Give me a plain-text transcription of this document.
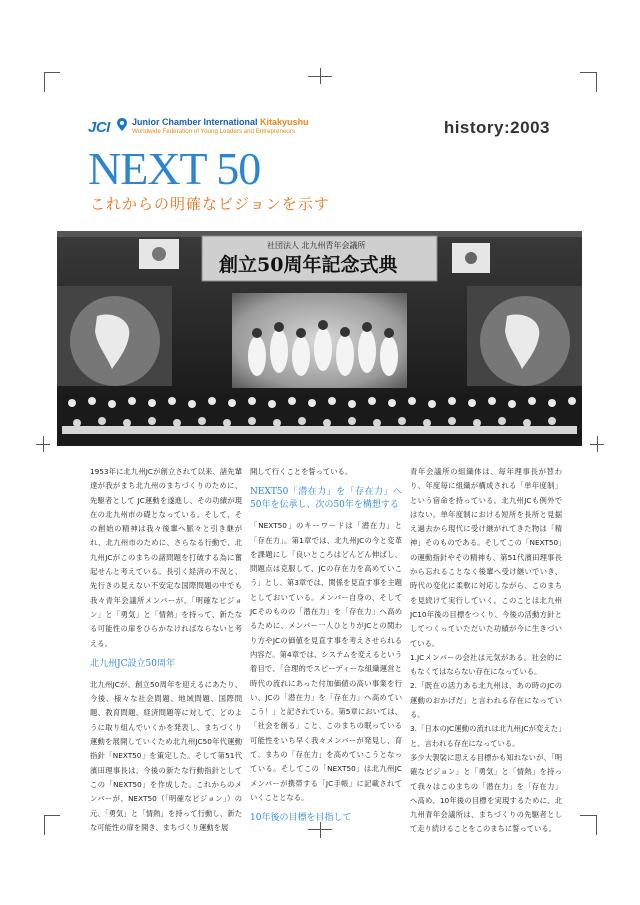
JCI Junior Chamber International Kitakyushu
Worldwide Federation of Young Leaders and Entrepreneurs	history:2003
NEXT 50
これからの明確なビジョンを示す
社団法人 北九州青年会議所
創立50周年記念式典

1953年に北九州JCが創立されて以来、諸先輩達が我がまち北九州のまちづくりのために、先駆者として JC運動を遂進し、その功績が現在の北九州市の礎となっている。そして、その創始の精神は我々後輩へ脈々と引き継がれ、北九州市のために、さらなる行動で、北九州JCがこのまちの諸問題を打破する為に奮起せんと考えている。長引く経済の不況と、先行きの見えない不安定な国際問題の中でも我々青年会議所メンバーが、「明確なビジョン」と「勇気」と「情熱」を持って、新たなる可能性の扉をひらかなければならないと考える。

北九州JC設立50周年

北九州JCが、創立50周年を迎えるにあたり、今後、様々な社会問題、地域問題、国際問題、教育問題、経済問題等に対して、どのように取り組んでいくかを発表し、まちづくり運動を展開していくため北九州JC50年代運動指針「NEXT50」を策定した。そして第51代濱田理事長は、今後の新たな行動指針としてこの「NEXT50」を作成した。これからのメンバーが、NEXT50（「明確なビジョン」）の元、「勇気」と「情熱」を持って行動し、新たな可能性の扉を開き、まちづくり運動を展

開して行くことを誓っている。

NEXT50「潜在力」を「存在力」へ 50年を伝承し、次の50年を構想する

「NEXT50」のキーワードは「潜在力」と「存在力」。第1章では、北九州JCの今と変革を課題にし「良いところはどんどん伸ばし、問題点は克服して、JCの存在力を高めていこう」とし、第3章では、関係を見直す事を主題としておいている。メンバー自身の、そしてJCそのものの「潜在力」を「存在力」へ高めるために、メンバー一人ひとりがJCとの関わり方やJCの価値を見直す事を考えさせられる内容だ。第4章では、システムを変えるという着目で、「合理的でスピーディーな組織運営と時代の流れにあった付加価値の高い事業を行い、JCの「潜在力」を「存在力」へ高めていこう！」と記されている。第5章においては、「社会を創る」こと、このまちの眠っている可能性をいち早く我々メンバーが発見し、育て、まちの「存在力」を高めていこうとなっている。そしてこの「NEXT50」は北九州JCメンバーが携帯する「JC手帳」に記載されていくこととなる。

10年後の目標を目指して

青年会議所の組織体は、毎年理事長が替わり、年度毎に組織が構成される「単年度制」という宿命を持っている。北九州JCも例外ではない。単年度制における短所を長所と見据え過去から現代に受け継がれてきた物は「精神」そのものである。そしてこの「NEXT50」の運動指針やその精神も、第51代濱田理事長から忘れることなく後輩へ受け継いでいき、時代の変化に柔軟に対応しながら、このまちを見続けて実行していく。このことは北九州JC10年後の目標をつくり、今後の活動方針としてつくっていただいた功績が今に生きづいている。

1.JCメンバーの会社は元気がある。社会的にもなくてはならない存在になっている。

2.「既在の活力ある北九州は、あの時のJCの運動のおかげだ」と言われる存在になっている。

3.「日本のJC運動の流れは北九州JCが変えた」と、言われる存在になっている。

多少大袈裟に思える目標かも知れないが、「明確なビジョン」と「勇気」と「情熱」を持って我々はこのまちの「潜在力」を「存在力」へ高め、10年後の目標を実現するために、北九州青年会議所は、まちづくりの先駆者として走り続けることをこのまちに誓っている。
